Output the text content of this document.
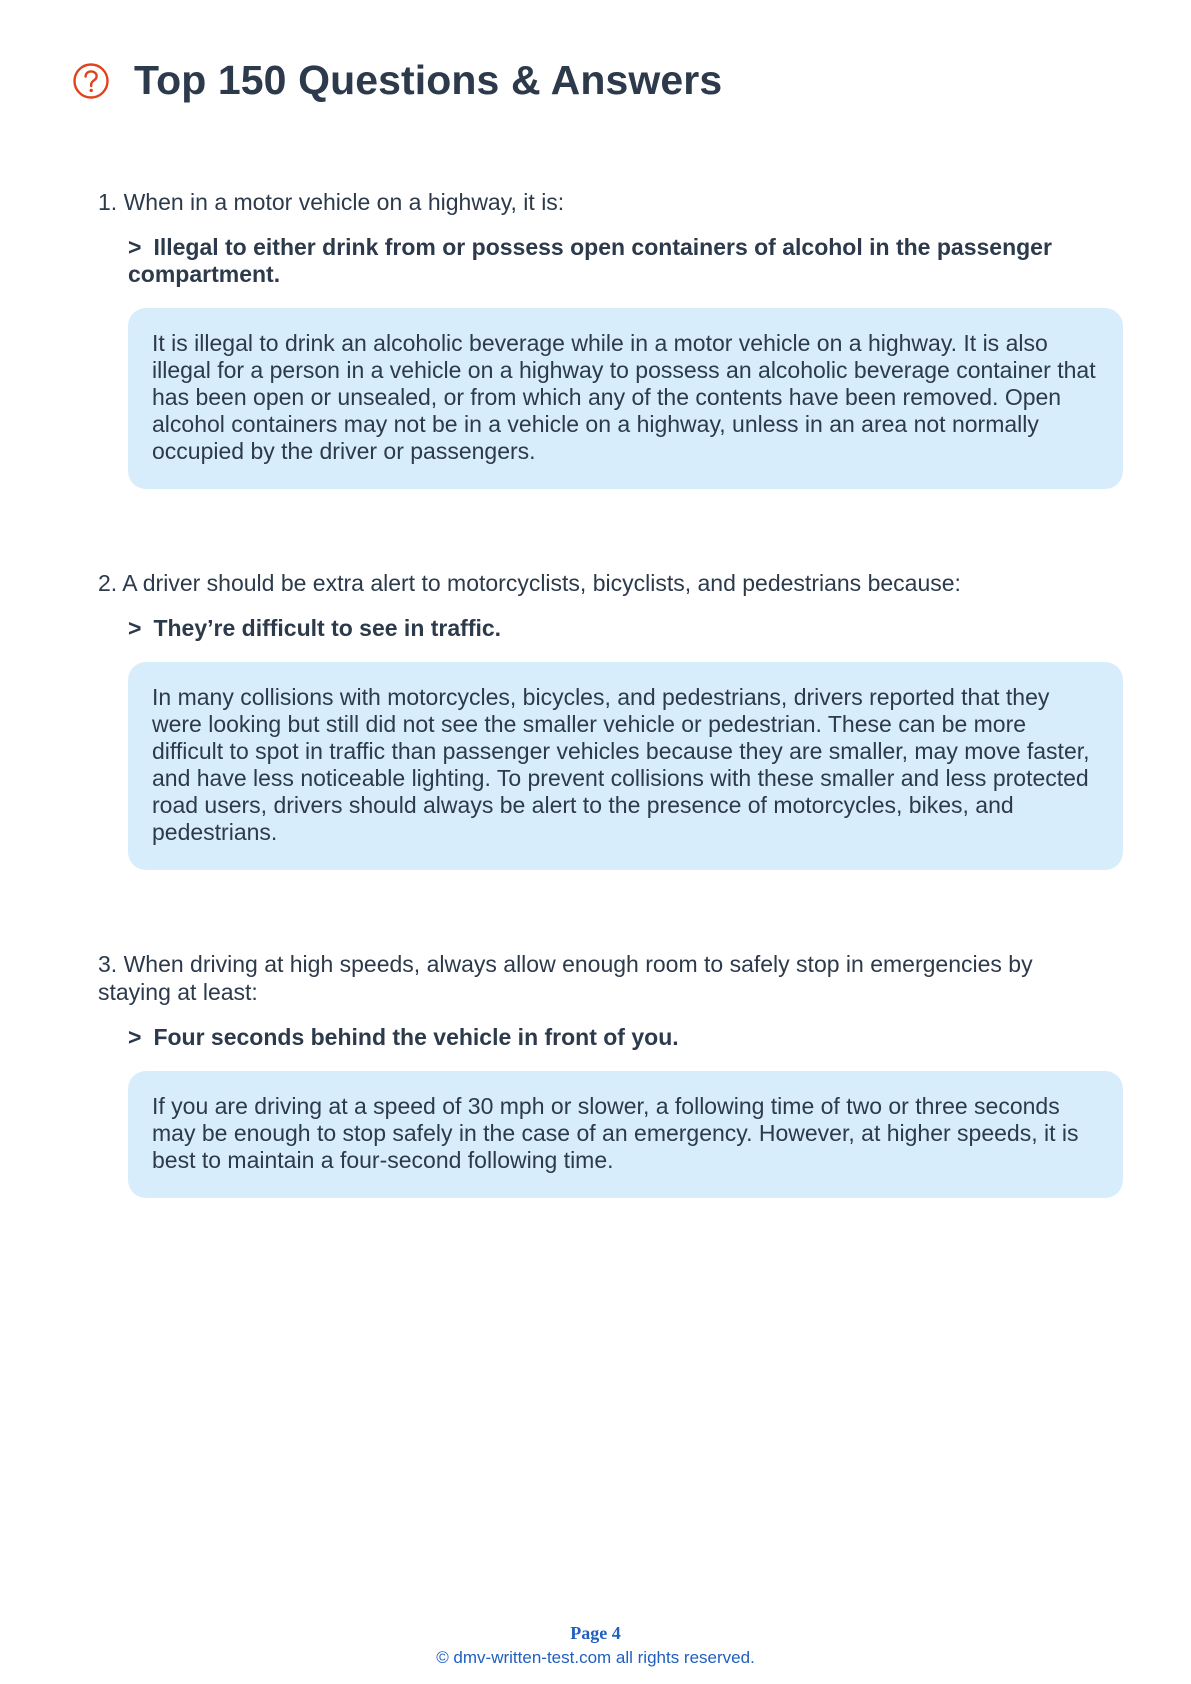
Top 150 Questions & Answers

1. When in a motor vehicle on a highway, it is:

> Illegal to either drink from or possess open containers of alcohol in the passenger compartment.
It is illegal to drink an alcoholic beverage while in a motor vehicle on a highway. It is also illegal for a person in a vehicle on a highway to possess an alcoholic beverage container that has been open or unsealed, or from which any of the contents have been removed. Open alcohol containers may not be in a vehicle on a highway, unless in an area not normally occupied by the driver or passengers.

2. A driver should be extra alert to motorcyclists, bicyclists, and pedestrians because:

> They’re difficult to see in traffic.
In many collisions with motorcycles, bicycles, and pedestrians, drivers reported that they were looking but still did not see the smaller vehicle or pedestrian. These can be more difficult to spot in traffic than passenger vehicles because they are smaller, may move faster, and have less noticeable lighting. To prevent collisions with these smaller and less protected road users, drivers should always be alert to the presence of motorcycles, bikes, and pedestrians.

3. When driving at high speeds, always allow enough room to safely stop in emergencies by staying at least:

> Four seconds behind the vehicle in front of you.
If you are driving at a speed of 30 mph or slower, a following time of two or three seconds may be enough to stop safely in the case of an emergency. However, at higher speeds, it is best to maintain a four-second following time.
Page 4
© dmv-written-test.com all rights reserved.
